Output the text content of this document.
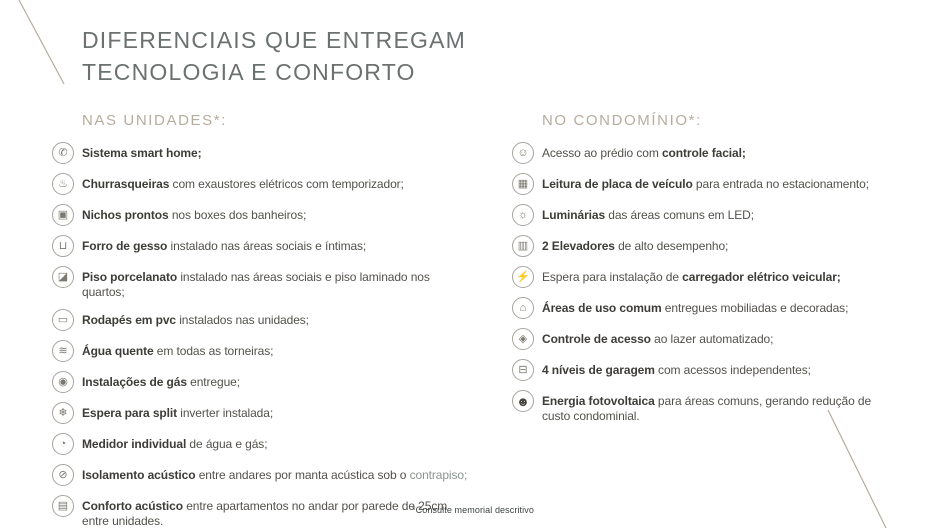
DIFERENCIAIS QUE ENTREGAM
TECNOLOGIA E CONFORTO
NAS UNIDADES*:
✆ Sistema smart home;
♨ Churrasqueiras com exaustores elétricos com temporizador;
▣ Nichos prontos nos boxes dos banheiros;
⊔ Forro de gesso instalado nas áreas sociais e íntimas;
◪ Piso porcelanato instalado nas áreas sociais e piso laminado nos quartos;
▭ Rodapés em pvc instalados nas unidades;
≋ Água quente em todas as torneiras;
◉ Instalações de gás entregue;
❄ Espera para split inverter instalada;
◔ Medidor individual de água e gás;
⊘ Isolamento acústico entre andares por manta acústica sob o contrapiso;
▤ Conforto acústico entre apartamentos no andar por parede de 25cm entre unidades.
NO CONDOMÍNIO*:
☺ Acesso ao prédio com controle facial;
▦ Leitura de placa de veículo para entrada no estacionamento;
☼ Luminárias das áreas comuns em LED;
▥ 2 Elevadores de alto desempenho;
⚡ Espera para instalação de carregador elétrico veicular;
⌂ Áreas de uso comum entregues mobiliadas e decoradas;
◈ Controle de acesso ao lazer automatizado;
⊟ 4 níveis de garagem com acessos independentes;
☻ Energia fotovoltaica para áreas comuns, gerando redução de custo condominial.
*Consulte memorial descritivo
